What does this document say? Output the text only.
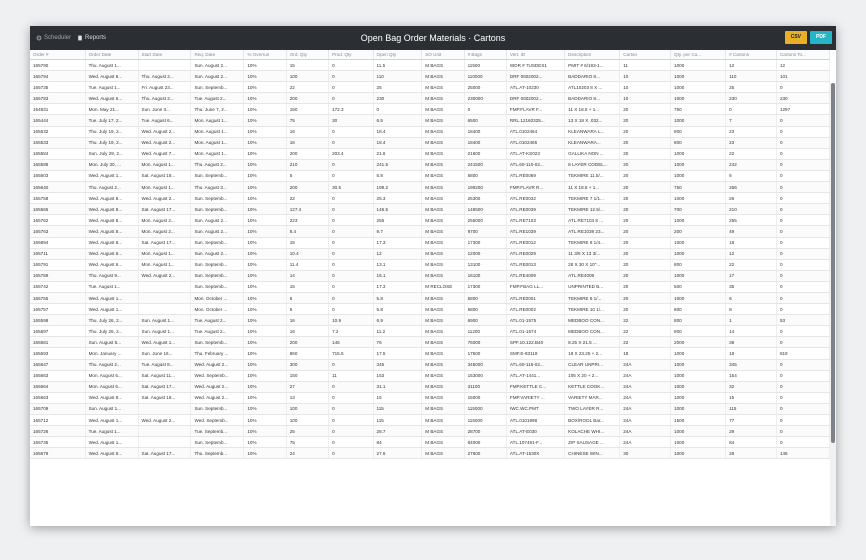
Scheduler Reports	Open Bag Order Materials · Cartons	CSV	PDF
Order #	Order Date	Start Date	Req. Date	% Overrun	Ord. Qty	Prod. Qty	Open Qty	SO Unit	# Bags	Vert. ID	Description	Carton	Qty. per Ca...	# Cartons	Cartons To...
165790	Thu. August 1...		Sun. August 2...	10%	15	0	11.5	M BAGS	11500	WDR # 7USDES1	PMIT # 6/193-1...	11	1000	12	12
165794	Wed. August 6...	Thu. August 2...	Sun. August 2...	10%	100	0	110	M BAGS	110000	DRF 0602002...	BADDARIO 8...	10	1000	110	101
165735	Tue. August 1...	Fri. August 23...	Sun. Septemb...	10%	22	0	25	M BAGS	25000	ATL.AT-10230	ATL10203 8 X ...	10	1000	25	0
165783	Wed. August 6...	Thu. August 2...	Tue. August 2...	10%	200	0	230	M BAGS	230000	DRF 0602002...	BADDARIO 8...	10	1000	230	230
164831	Mon. May 21...	Sun. June 3...	Thu. June 7, 2...	10%	150	172.3	0	M BAGS	0	FMP.FLAVR F...	11 X 18.5 + 1...	20	750	0	1297
165444	Tue. July 17, 2...	Tue. August 6...	Mon. August 1...	10%	75	30	6.5	M BAGS	6500	RRL.12160325...	13 X 18 X .032...	20	1000	7	0
165532	Thu. July 19, 2...	Wed. August 2...	Mon. August 1...	10%	16	0	18.4	M BAGS	18400	ATL.0102464	KLEANWARA L...	20	800	23	0
165533	Thu. July 19, 2...	Wed. August 2...	Mon. August 1...	10%	16	0	18.4	M BAGS	18400	ATL.0102465	KLEANWARA...	20	800	23	0
165584	Sun. July 29, 2...	Wed. August 7...	Mon. August 1...	10%	200	203.4	21.6	M BAGS	21600	ATL.AT-KS023	GALLIKA NON ...	20	1000	22	0
165588	Mon. July 30, ...	Mon. August 1...	Thu. August 2...	10%	210	0	241.5	M BAGS	241500	ATL.60-110-02...	8 LAYER CODEL...	20	1000	242	0
165603	Wed. August 1...	Sat. August 18...	Sun. Septemb...	10%	5	0	5.8	M BAGS	5800	ATL.RE0069	TEKMIRE 11.5/...	20	1000	6	0
165640	Thu. August 2...	Mon. August 1...	Thu. August 3...	10%	200	30.5	199.2	M BAGS	199200	FMP.FLAVR R...	11 X 18.5 + 1...	20	750	266	0
165758	Wed. August 8...	Wed. August 2...	Sun. Septemb...	10%	22	0	25.3	M BAGS	25300	ATL.RE0032	TEKMIRE 7 1/1...	20	1000	26	0
165565	Wed. August 8...	Sat. August 17...	Sun. Septemb...	10%	127.4	0	146.5	M BAGS	146500	ATL.RE0039	TEKMIRE 12.5/...	20	700	210	0
165762	Wed. August 8...	Mon. August 2...	Sun. August 2...	10%	223	0	255	M BAGS	255000	ATL.RE7103	ATL.RE7103 8 ...	20	1000	255	0
165763	Wed. August 8...	Mon. August 2...	Sun. August 2...	10%	8.4	0	9.7	M BAGS	9700	ATL.RE1039	ATL.RE1039 23...	20	200	49	0
165894	Wed. August 8...	Sat. August 17...	Sun. Septemb...	10%	15	0	17.3	M BAGS	17300	ATL.RE0012	TEKMIRE 8 1/4...	20	1000	18	0
165711	Wed. August 6...	Mon. August 1...	Sun. August 2...	10%	10.4	0	12	M BAGS	12000	ATL.RE0029	11 3/8 X 13 3/...	20	1000	12	0
165791	Wed. August 6...	Mon. August 1...	Sun. Septemb...	10%	11.4	0	13.1	M BAGS	13100	ATL.RE0013	28 X 30 X 10"...	20	800	22	0
165789	Thu. August 9...	Wed. August 2...	Sun. Septemb...	10%	14	0	16.1	M BAGS	16100	ATL.RE4009	ATL.RE4009	20	1000	17	0
165742	Tue. August 1...		Sun. Septemb...	10%	15	0	17.3	M RECLOSE	17300	FMP.FBAG LL...	UNPRINTED B...	20	500	35	0
165755	Wed. August 1...		Mon. October ...	10%	5	0	5.8	M BAGS	5800	ATL.RE0001	TEKMIRE 8 1/...	20	1000	6	0
165757	Wed. August 1...		Mon. October ...	10%	5	0	5.8	M BAGS	5800	ATL.RE0002	TEKMIRE 10 1/...	20	800	8	0
165598	Thu. July 26, 2...	Sun. August 1...	Tue. August 2...	10%	16	10.9	6.9	M BAGS	6900	ATL.01-1575	MEDBOO CON...	22	800	1	53
165597	Thu. July 26, 2...	Sun. August 1...	Tue. August 2...	10%	16	7.2	11.2	M BAGS	11200	ATL.01-1574	MEDBOO CON...	22	800	14	0
165581	Sun. August 5...	Wed. August 1...	Sun. Septemb...	10%	200	146	76	M BAGS	76000	SPF.10.122.B40	8.25 X 21.5 ...	22	2000	38	0
165593	Mon. January ...	Sun. June 16...	Thu. February ...	10%	860	715.5	17.5	M BAGS	17500	SMF.E-83119	18 X 23.25 + 2...	18	1000	18	819
165647	Thu. August 2...	Tue. August 8...	Wed. August 2...	10%	300	0	345	M BAGS	345000	ATL.60-115-02...	CLEAR UNPRI...	24A	1000	345	0
165663	Mon. August 6...	Sat. August 11...	Wed. Septemb...	10%	150	11	153	M BAGS	153000	ATL.AT-1441...	105 X 20 + 2...	24A	1000	154	0
165664	Mon. August 6...	Sat. August 17...	Wed. August 2...	10%	27	0	31.1	M BAGS	31100	FMP.KETTLE C...	KETTLE COOK...	24A	1000	32	0
165663	Wed. August 8...	Sat. August 18...	Wed. August 2...	10%	13	0	15	M BAGS	15000	FMP.VARIETY ...	VARIETY MAR...	24A	1000	15	0
165709	Sun. August 1...		Sun. Septemb...	10%	100	0	115	M BAGS	115000	IWC.WC.PMT	TWO LAYER R...	24A	1000	115	0
165712	Wed. August 1...	Wed. August 2...	Wed. Septemb...	10%	100	0	115	M BAGS	115000	ATL.0101998	BOX/ROOL Bar...	24A	1500	77	0
165726	Tue. August 1...		Tue. Septemb...	10%	25	0	28.7	M BAGS	28700	ATL.AT-E030	KOLACHE WHI...	24A	1000	29	0
165735	Wed. August 1...		Sun. Septemb...	10%	75	0	84	M BAGS	84000	ATL.107491-F...	ZIP SAUSAGE ...	24A	1000	84	0
165679	Wed. August 6...	Sat. August 17...	Thu. Septemb...	10%	24	0	27.6	M BAGS	27600	ATL.AT-1530X	CHINESE WIN...	30	1000	28	145
